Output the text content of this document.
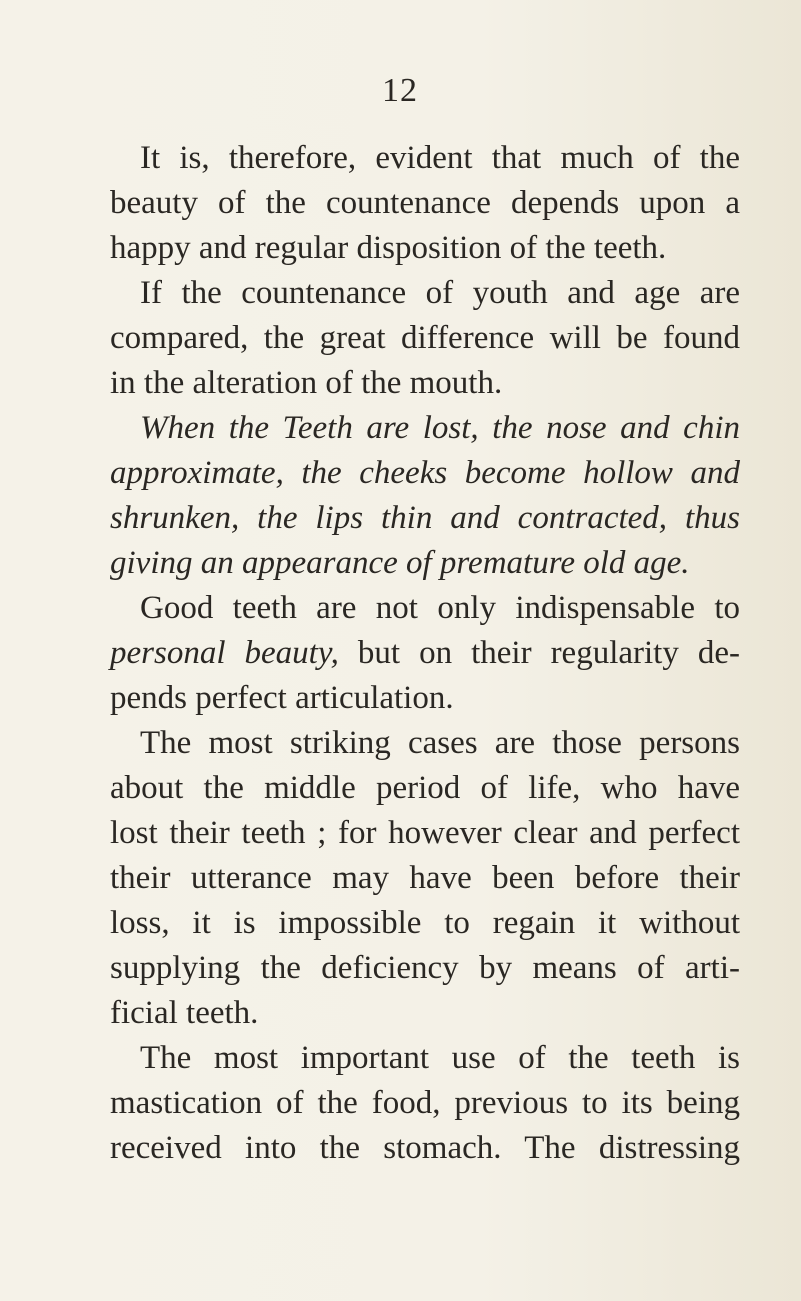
12

It is, therefore, evident that much of the
beauty of the countenance depends upon a
happy and regular disposition of the teeth.

If the countenance of youth and age are
compared, the great difference will be found
in the alteration of the mouth.

When the Teeth are lost, the nose and chin
approximate, the cheeks become hollow and
shrunken, the lips thin and contracted, thus
giving an appearance of premature old age.

Good teeth are not only indispensable to
personal beauty, but on their regularity de-
pends perfect articulation.

The most striking cases are those persons
about the middle period of life, who have
lost their teeth ; for however clear and perfect
their utterance may have been before their
loss, it is impossible to regain it without
supplying the deficiency by means of arti-
ficial teeth.

The most important use of the teeth is
mastication of the food, previous to its being
received into the stomach. The distressing
